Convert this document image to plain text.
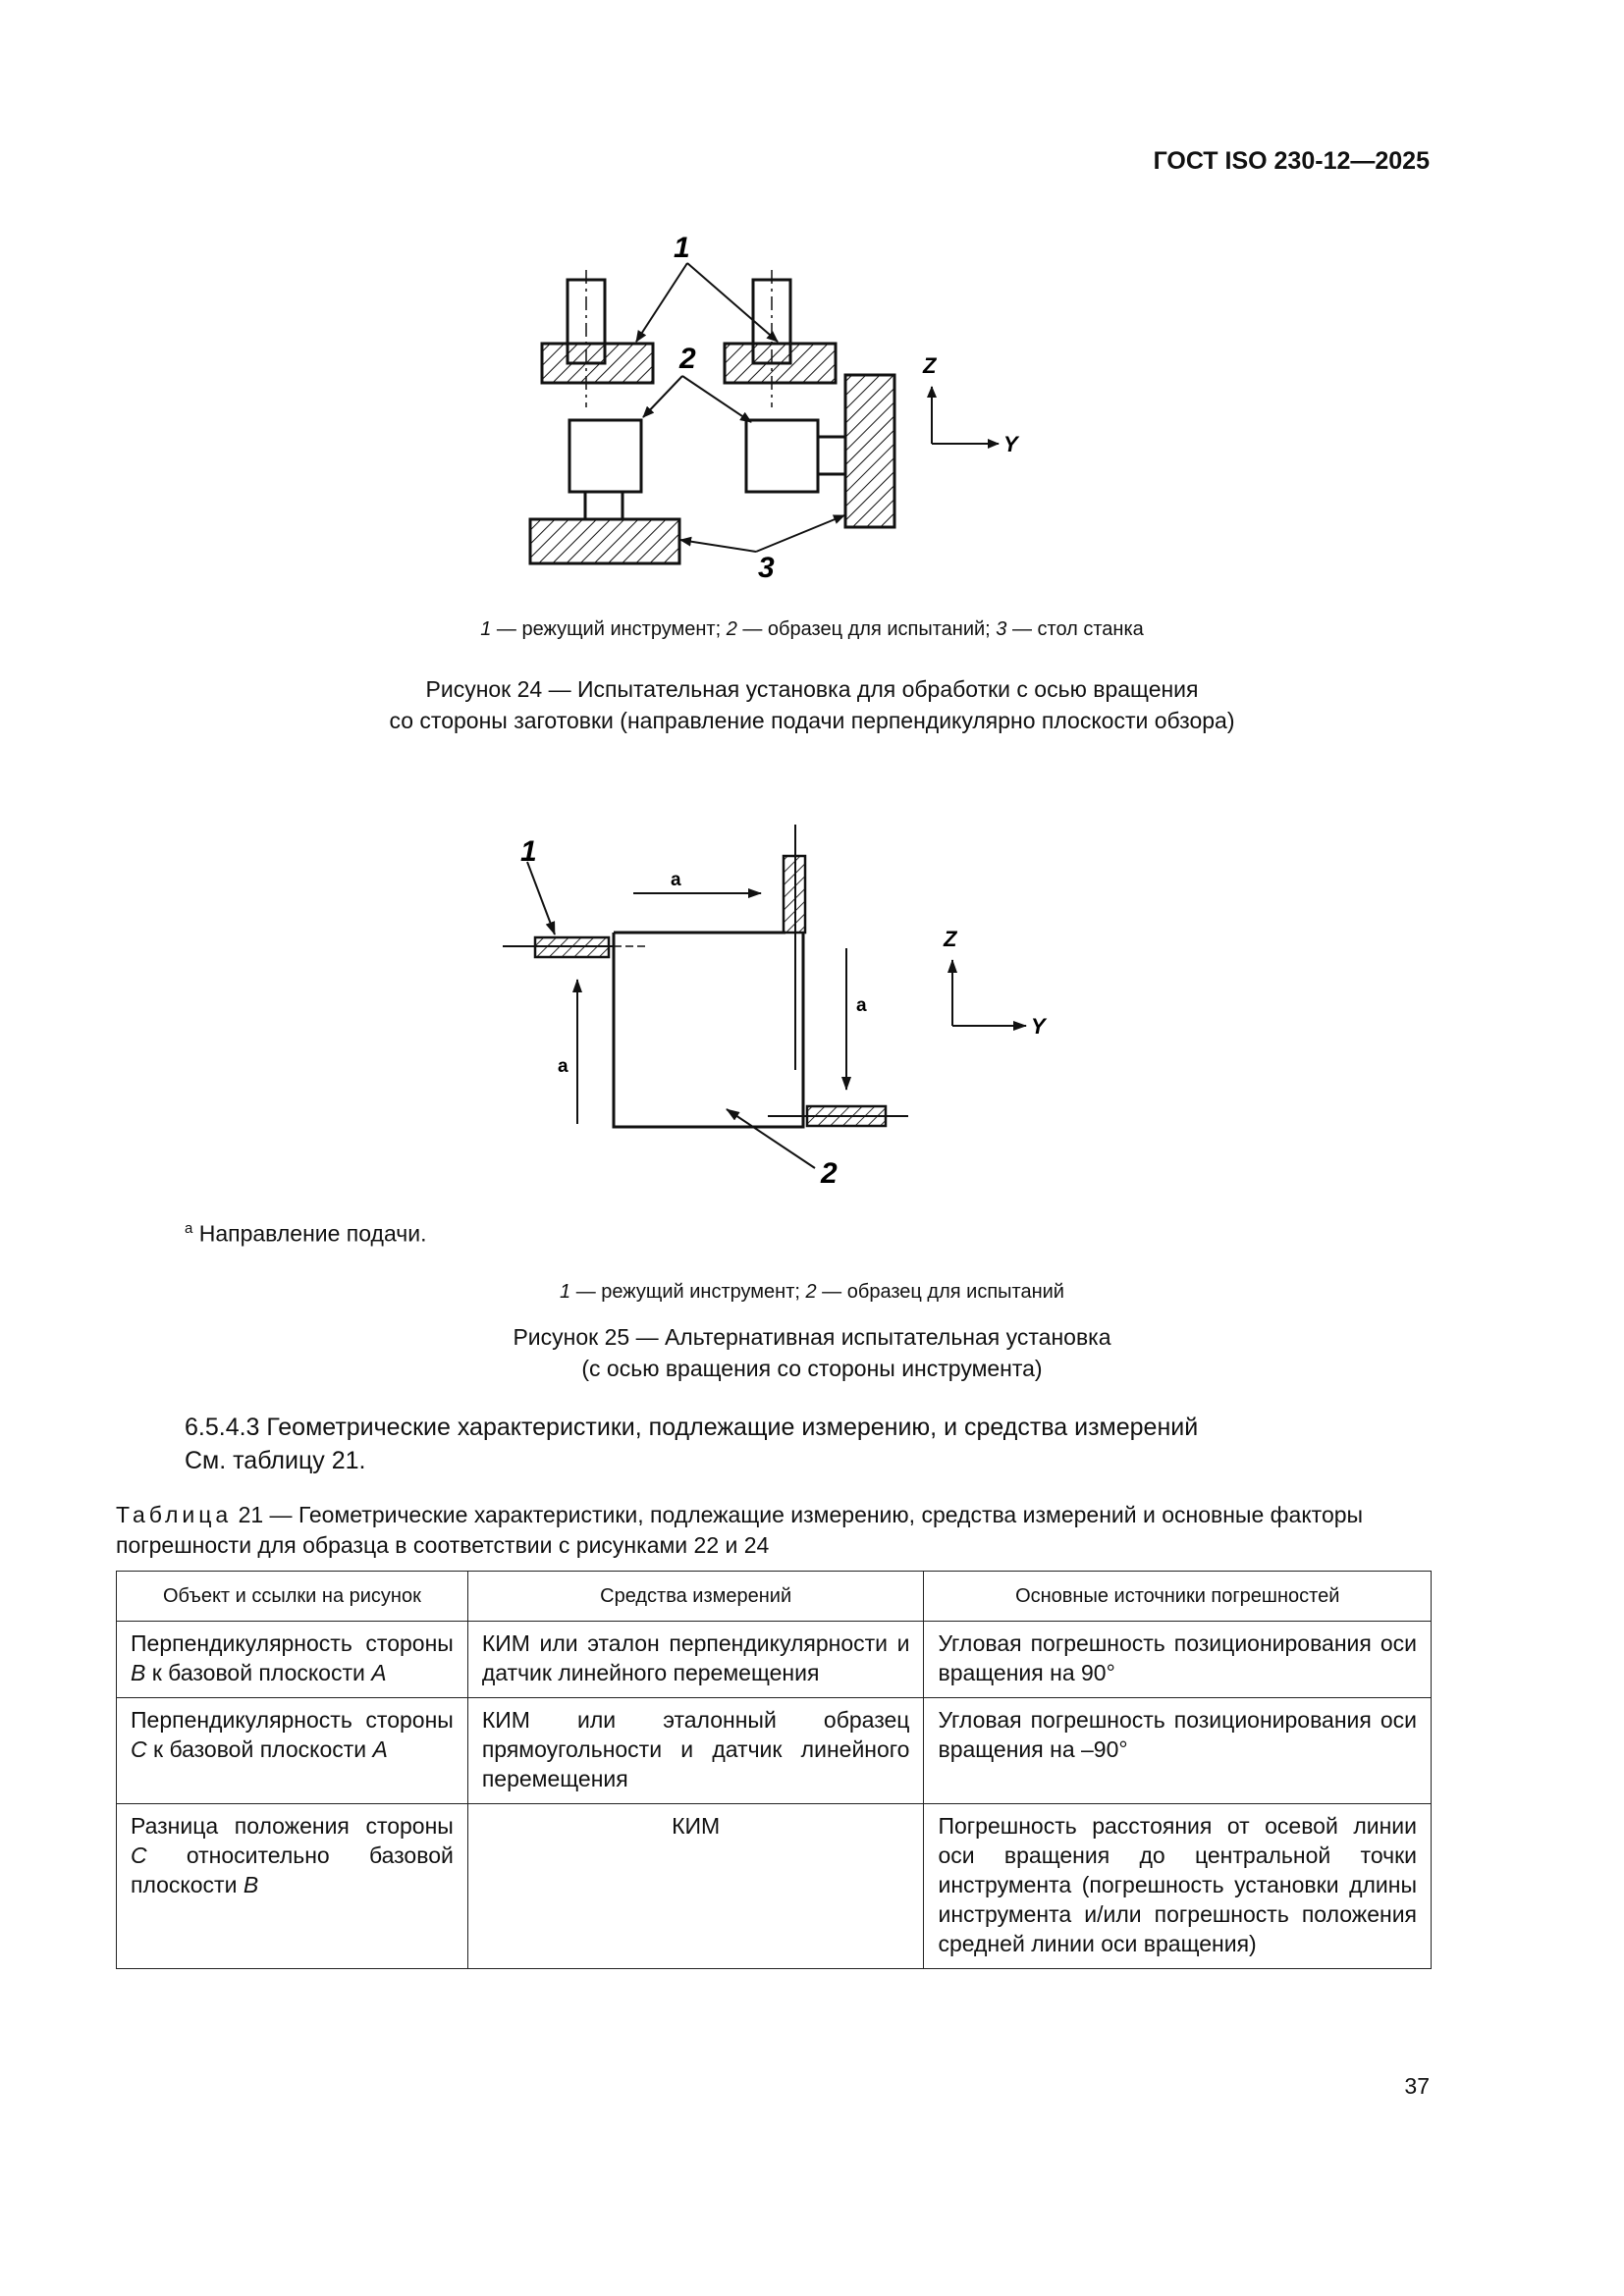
ГОСТ ISO 230-12—2025
1
2
3
Z
Y
1 — режущий инструмент; 2 — образец для испытаний; 3 — стол станка
Рисунок 24 — Испытательная установка для обработки с осью вращения
со стороны заготовки (направление подачи перпендикулярно плоскости обзора)
1
2
a
a
a
Z
Y
$^a$ Направление подачи.
1 — режущий инструмент; 2 — образец для испытаний
Рисунок 25 — Альтернативная испытательная установка
(с осью вращения со стороны инструмента)
6.5.4.3 Геометрические характеристики, подлежащие измерению, и средства измерений
См. таблицу 21.
Таблица 21 — Геометрические характеристики, подлежащие измерению, средства измерений и основные факторы погрешности для образца в соответствии с рисунками 22 и 24
Объект и ссылки на рисунок	Средства измерений	Основные источники погрешностей
Перпендикулярность стороны B к базовой плоскости A	КИМ или эталон перпендикулярности и датчик линейного перемещения	Угловая погрешность позиционирования оси вращения на 90°
Перпендикулярность стороны C к базовой плоскости A	КИМ или эталонный образец прямоугольности и датчик линейного перемещения	Угловая погрешность позиционирования оси вращения на –90°
Разница положения стороны C относительно базовой плоскости B	КИМ	Погрешность расстояния от осевой линии оси вращения до центральной точки инструмента (погрешность установки длины инструмента и/или погрешность положения средней линии оси вращения)
37
